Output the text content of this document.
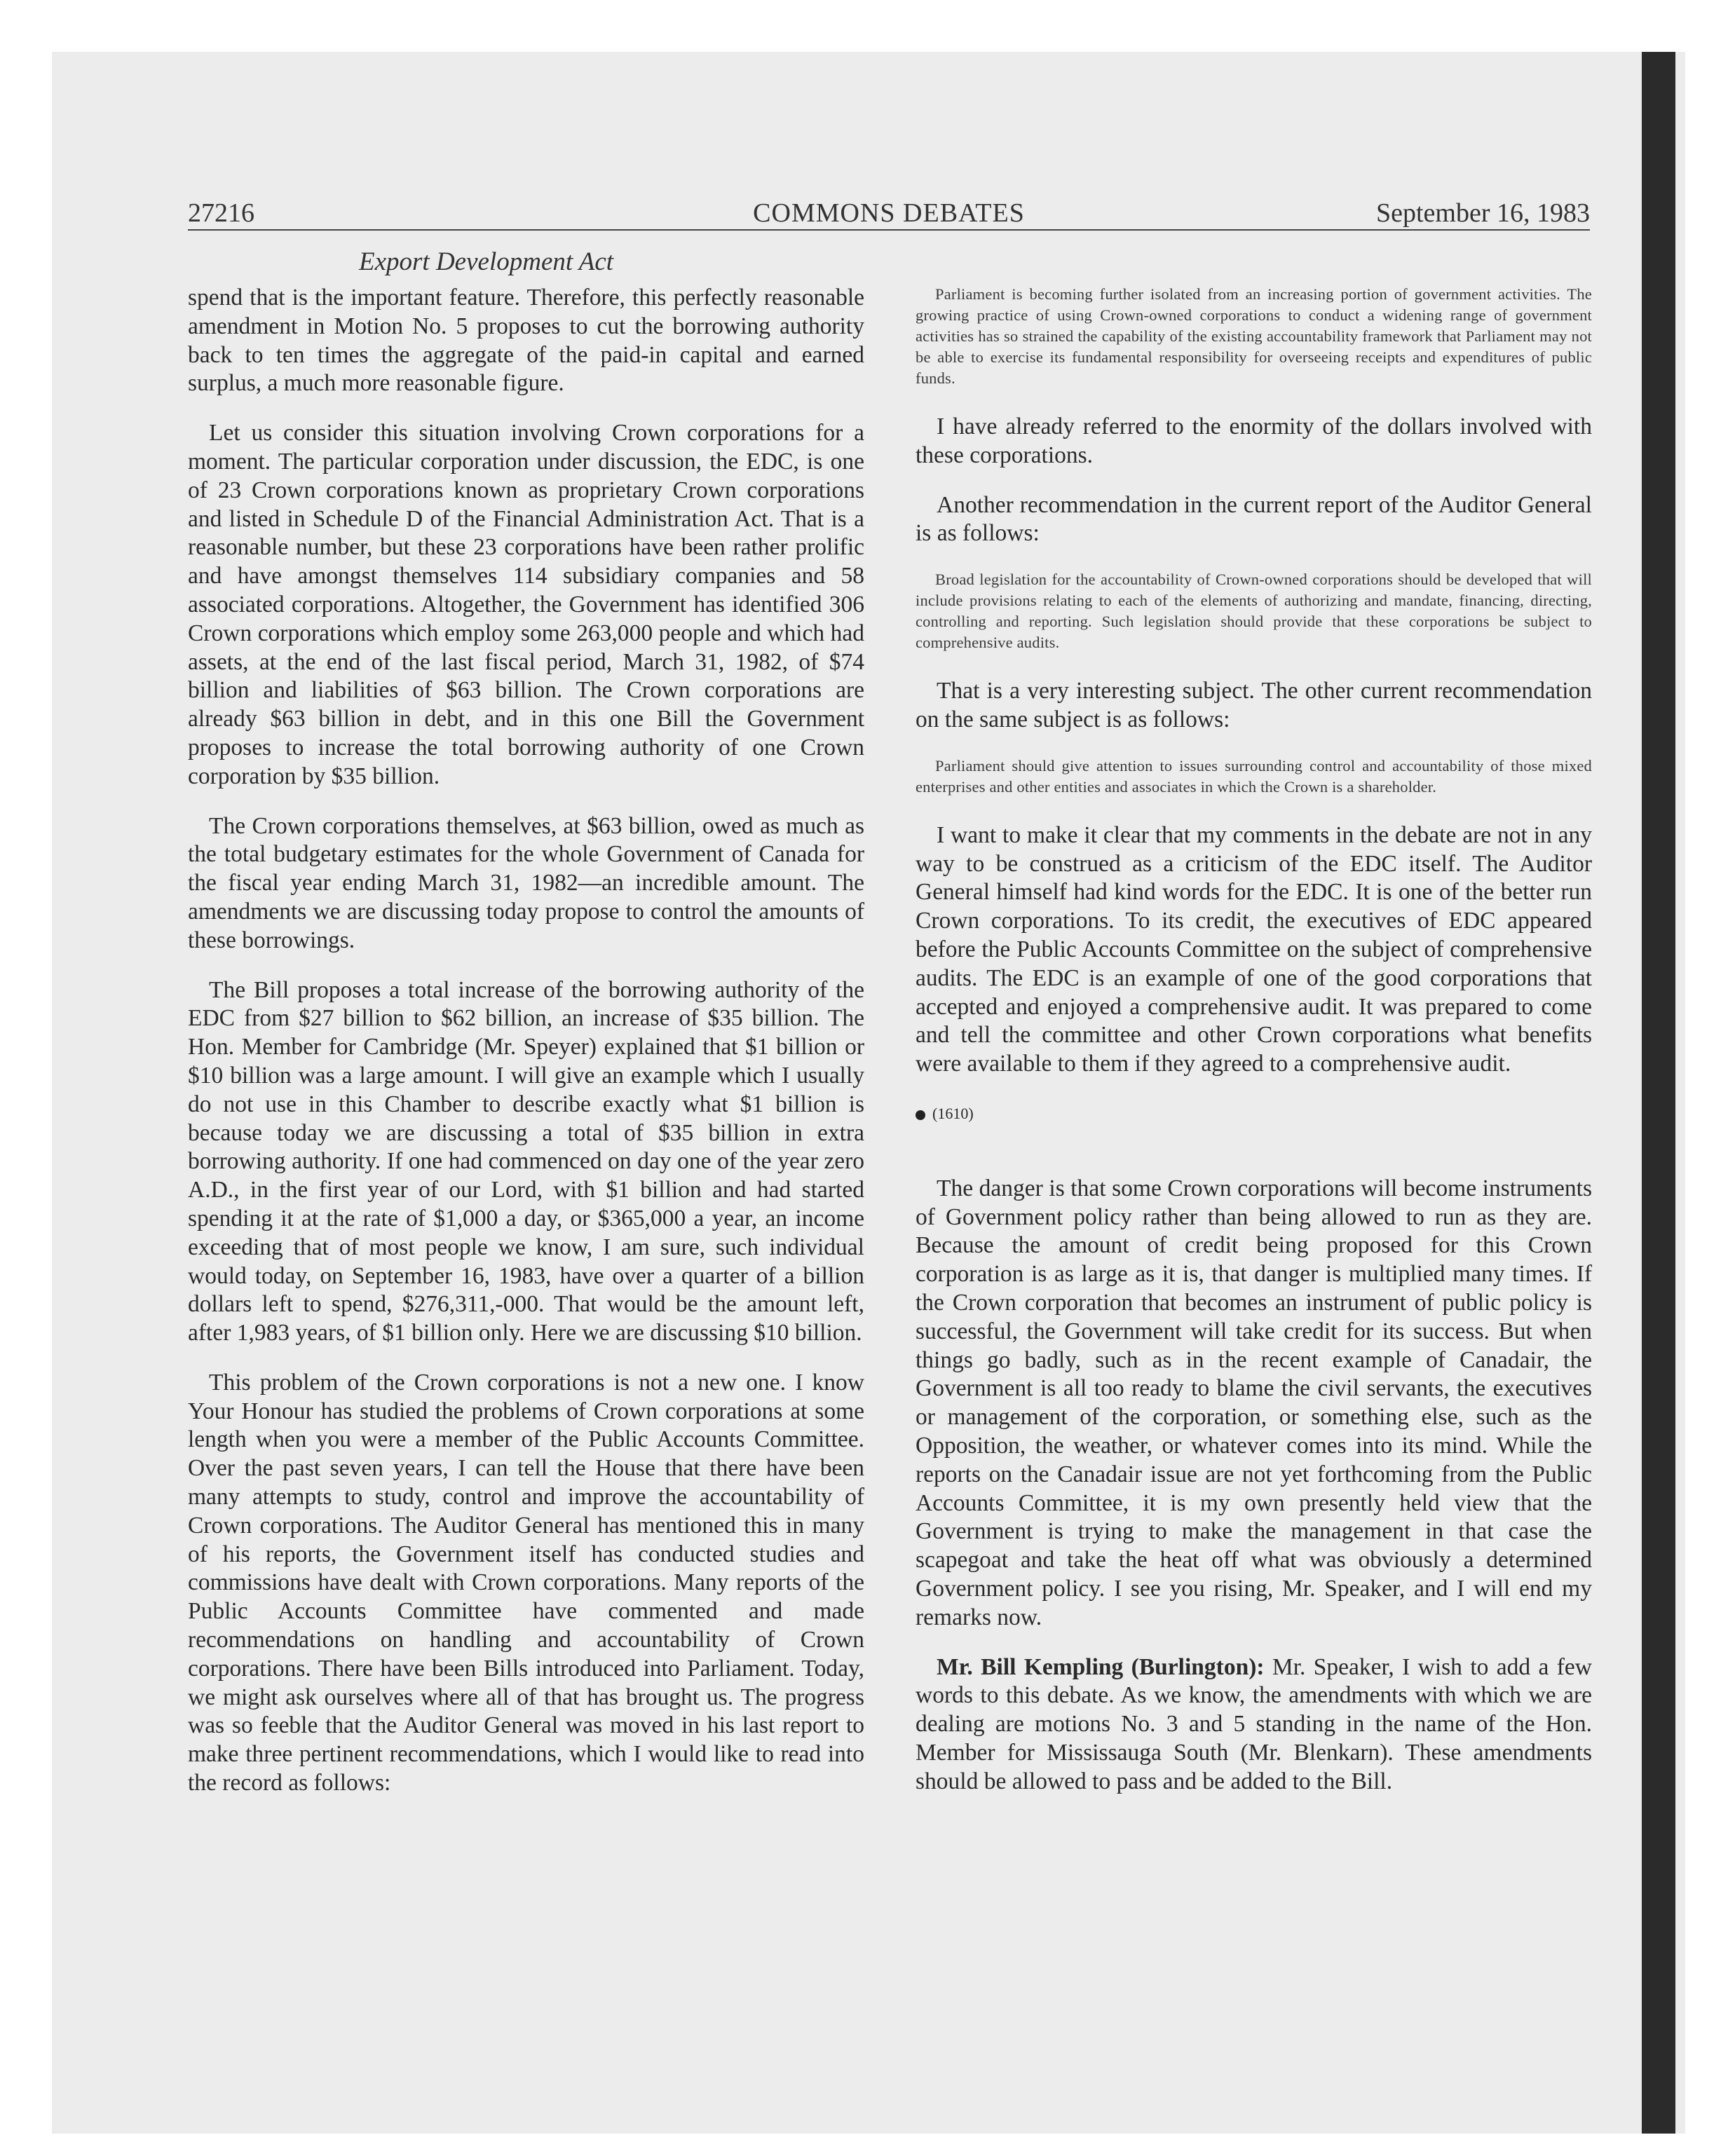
27216	COMMONS DEBATES	September 16, 1983
Export Development Act

spend that is the important feature. Therefore, this perfectly reasonable amendment in Motion No. 5 proposes to cut the borrowing authority back to ten times the aggregate of the paid-in capital and earned surplus, a much more reasonable figure.

Let us consider this situation involving Crown corporations for a moment. The particular corporation under discussion, the EDC, is one of 23 Crown corporations known as proprietary Crown corporations and listed in Schedule D of the Financial Administration Act. That is a reasonable number, but these 23 corporations have been rather prolific and have amongst themselves 114 subsidiary companies and 58 associated corporations. Altogether, the Government has identified 306 Crown corporations which employ some 263,000 people and which had assets, at the end of the last fiscal period, March 31, 1982, of $74 billion and liabilities of $63 billion. The Crown corporations are already $63 billion in debt, and in this one Bill the Government proposes to increase the total borrowing authority of one Crown corporation by $35 billion.

The Crown corporations themselves, at $63 billion, owed as much as the total budgetary estimates for the whole Government of Canada for the fiscal year ending March 31, 1982—an incredible amount. The amendments we are discussing today propose to control the amounts of these borrowings.

The Bill proposes a total increase of the borrowing authority of the EDC from $27 billion to $62 billion, an increase of $35 billion. The Hon. Member for Cambridge (Mr. Speyer) explained that $1 billion or $10 billion was a large amount. I will give an example which I usually do not use in this Chamber to describe exactly what $1 billion is because today we are discussing a total of $35 billion in extra borrowing authority. If one had commenced on day one of the year zero A.D., in the first year of our Lord, with $1 billion and had started spending it at the rate of $1,000 a day, or $365,000 a year, an income exceeding that of most people we know, I am sure, such individual would today, on September 16, 1983, have over a quarter of a billion dollars left to spend, $276,311,-000. That would be the amount left, after 1,983 years, of $1 billion only. Here we are discussing $10 billion.

This problem of the Crown corporations is not a new one. I know Your Honour has studied the problems of Crown corporations at some length when you were a member of the Public Accounts Committee. Over the past seven years, I can tell the House that there have been many attempts to study, control and improve the accountability of Crown corporations. The Auditor General has mentioned this in many of his reports, the Government itself has conducted studies and commissions have dealt with Crown corporations. Many reports of the Public Accounts Committee have commented and made recommendations on handling and accountability of Crown corporations. There have been Bills introduced into Parliament. Today, we might ask ourselves where all of that has brought us. The progress was so feeble that the Auditor General was moved in his last report to make three pertinent recommendations, which I would like to read into the record as follows:

Parliament is becoming further isolated from an increasing portion of government activities. The growing practice of using Crown-owned corporations to conduct a widening range of government activities has so strained the capability of the existing accountability framework that Parliament may not be able to exercise its fundamental responsibility for overseeing receipts and expenditures of public funds.

I have already referred to the enormity of the dollars involved with these corporations.

Another recommendation in the current report of the Auditor General is as follows:

Broad legislation for the accountability of Crown-owned corporations should be developed that will include provisions relating to each of the elements of authorizing and mandate, financing, directing, controlling and reporting. Such legislation should provide that these corporations be subject to comprehensive audits.

That is a very interesting subject. The other current recommendation on the same subject is as follows:

Parliament should give attention to issues surrounding control and accountability of those mixed enterprises and other entities and associates in which the Crown is a shareholder.

I want to make it clear that my comments in the debate are not in any way to be construed as a criticism of the EDC itself. The Auditor General himself had kind words for the EDC. It is one of the better run Crown corporations. To its credit, the executives of EDC appeared before the Public Accounts Committee on the subject of comprehensive audits. The EDC is an example of one of the good corporations that accepted and enjoyed a comprehensive audit. It was prepared to come and tell the committee and other Crown corporations what benefits were available to them if they agreed to a comprehensive audit.

(1610)

The danger is that some Crown corporations will become instruments of Government policy rather than being allowed to run as they are. Because the amount of credit being proposed for this Crown corporation is as large as it is, that danger is multiplied many times. If the Crown corporation that becomes an instrument of public policy is successful, the Government will take credit for its success. But when things go badly, such as in the recent example of Canadair, the Government is all too ready to blame the civil servants, the executives or management of the corporation, or something else, such as the Opposition, the weather, or whatever comes into its mind. While the reports on the Canadair issue are not yet forthcoming from the Public Accounts Committee, it is my own presently held view that the Government is trying to make the management in that case the scapegoat and take the heat off what was obviously a determined Government policy. I see you rising, Mr. Speaker, and I will end my remarks now.

Mr. Bill Kempling (Burlington): Mr. Speaker, I wish to add a few words to this debate. As we know, the amendments with which we are dealing are motions No. 3 and 5 standing in the name of the Hon. Member for Mississauga South (Mr. Blenkarn). These amendments should be allowed to pass and be added to the Bill.
